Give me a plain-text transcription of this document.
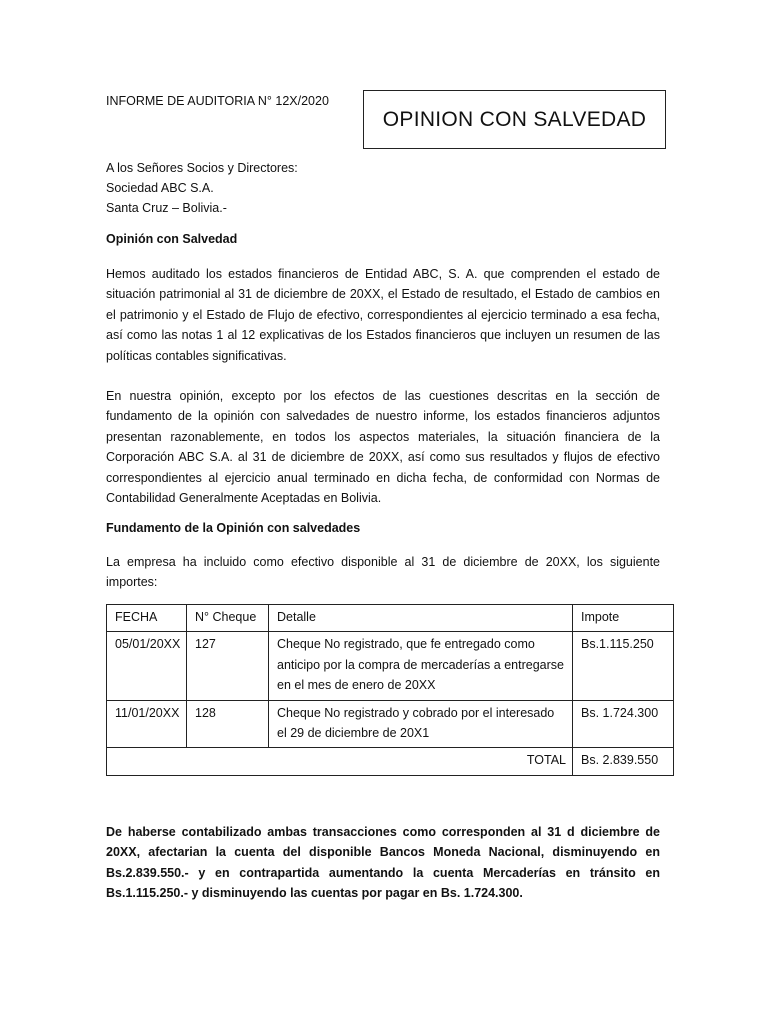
INFORME DE AUDITORIA N° 12X/2020
OPINION CON SALVEDAD
A los Señores Socios y Directores:
Sociedad ABC S.A.
Santa Cruz – Bolivia.-
Opinión con Salvedad

Hemos auditado los estados financieros de Entidad ABC, S. A. que comprenden el estado de situación patrimonial al 31 de diciembre de 20XX, el Estado de resultado, el Estado de cambios en el patrimonio y el Estado de Flujo de efectivo, correspondientes al ejercicio terminado a esa fecha, así como las notas 1 al 12 explicativas de los Estados financieros que incluyen un resumen de las políticas contables significativas.

En nuestra opinión, excepto por los efectos de las cuestiones descritas en la sección de fundamento de la opinión con salvedades de nuestro informe, los estados financieros adjuntos presentan razonablemente, en todos los aspectos materiales, la situación financiera de la Corporación ABC S.A. al 31 de diciembre de 20XX, así como sus resultados y flujos de efectivo correspondientes al ejercicio anual terminado en dicha fecha, de conformidad con Normas de Contabilidad Generalmente Aceptadas en Bolivia.

Fundamento de la Opinión con salvedades

La empresa ha incluido como efectivo disponible al 31 de diciembre de 20XX, los siguiente importes:

FECHA	N° Cheque	Detalle	Impote
05/01/20XX	127	Cheque No registrado, que fe entregado como anticipo por la compra de mercaderías a entregarse en el mes de enero de 20XX	Bs.1.115.250
11/01/20XX	128	Cheque No registrado y cobrado por el interesado el 29 de diciembre de 20X1	Bs. 1.724.300
TOTAL			Bs. 2.839.550

De haberse contabilizado ambas transacciones como corresponden al 31 d diciembre de 20XX, afectarian la cuenta del disponible Bancos Moneda Nacional, disminuyendo en Bs.2.839.550.- y en contrapartida aumentando la cuenta Mercaderías en tránsito en Bs.1.115.250.- y disminuyendo las cuentas por pagar en Bs. 1.724.300.
